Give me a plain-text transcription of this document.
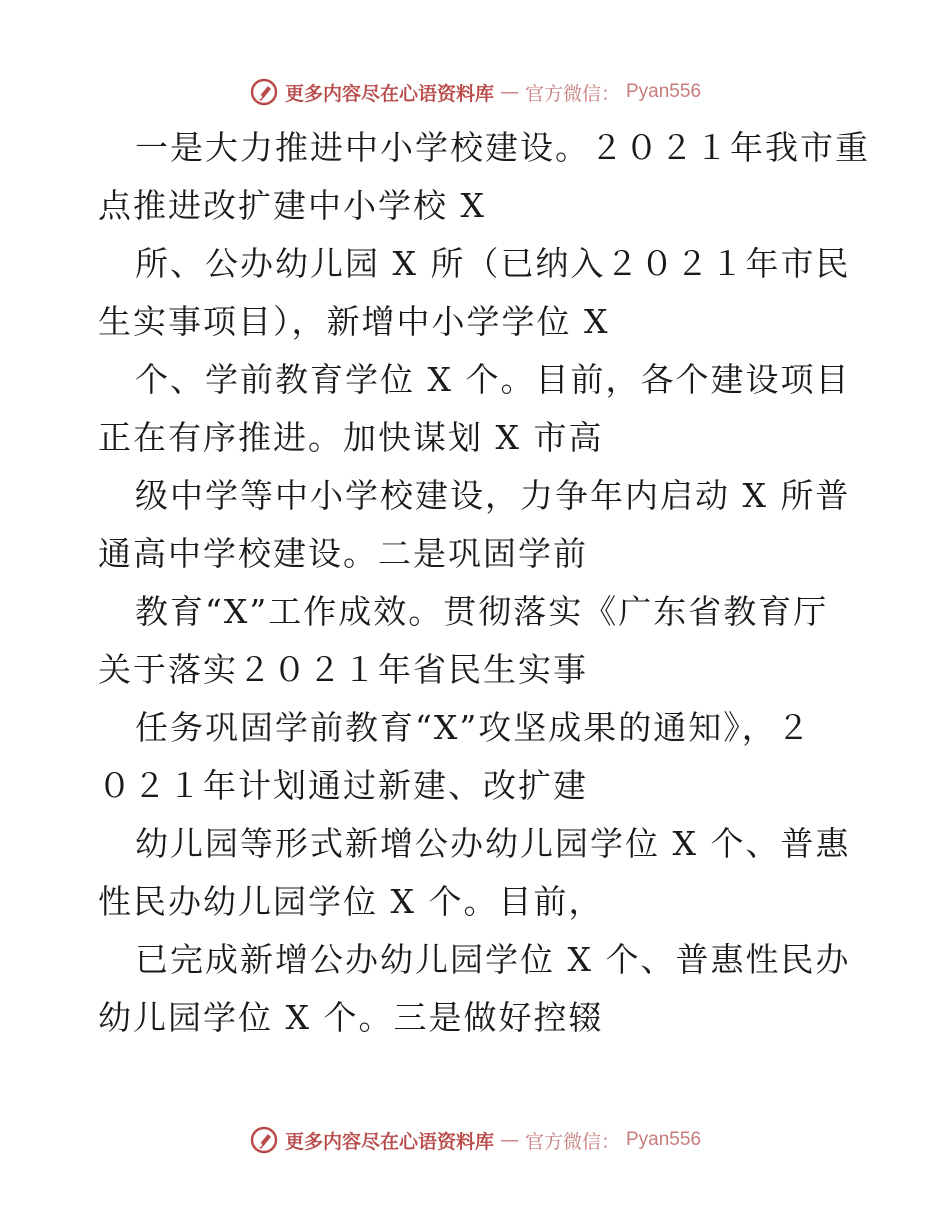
更多内容尽在心语资料库 — 官方微信： Pyan556
一是大力推进中小学校建设。２０２１年我市重
点推进改扩建中小学校 X
所、公办幼儿园 X 所（已纳入２０２１年市民
生实事项目），新增中小学学位 X
个、学前教育学位 X 个。目前，各个建设项目
正在有序推进。加快谋划 X 市高
级中学等中小学校建设，力争年内启动 X 所普
通高中学校建设。二是巩固学前
教育“X”工作成效。贯彻落实《广东省教育厅
关于落实２０２１年省民生实事
任务巩固学前教育“X”攻坚成果的通知》，２
０２１年计划通过新建、改扩建
幼儿园等形式新增公办幼儿园学位 X 个、普惠
性民办幼儿园学位 X 个。目前，
已完成新增公办幼儿园学位 X 个、普惠性民办
幼儿园学位 X 个。三是做好控辍
更多内容尽在心语资料库 — 官方微信： Pyan556
